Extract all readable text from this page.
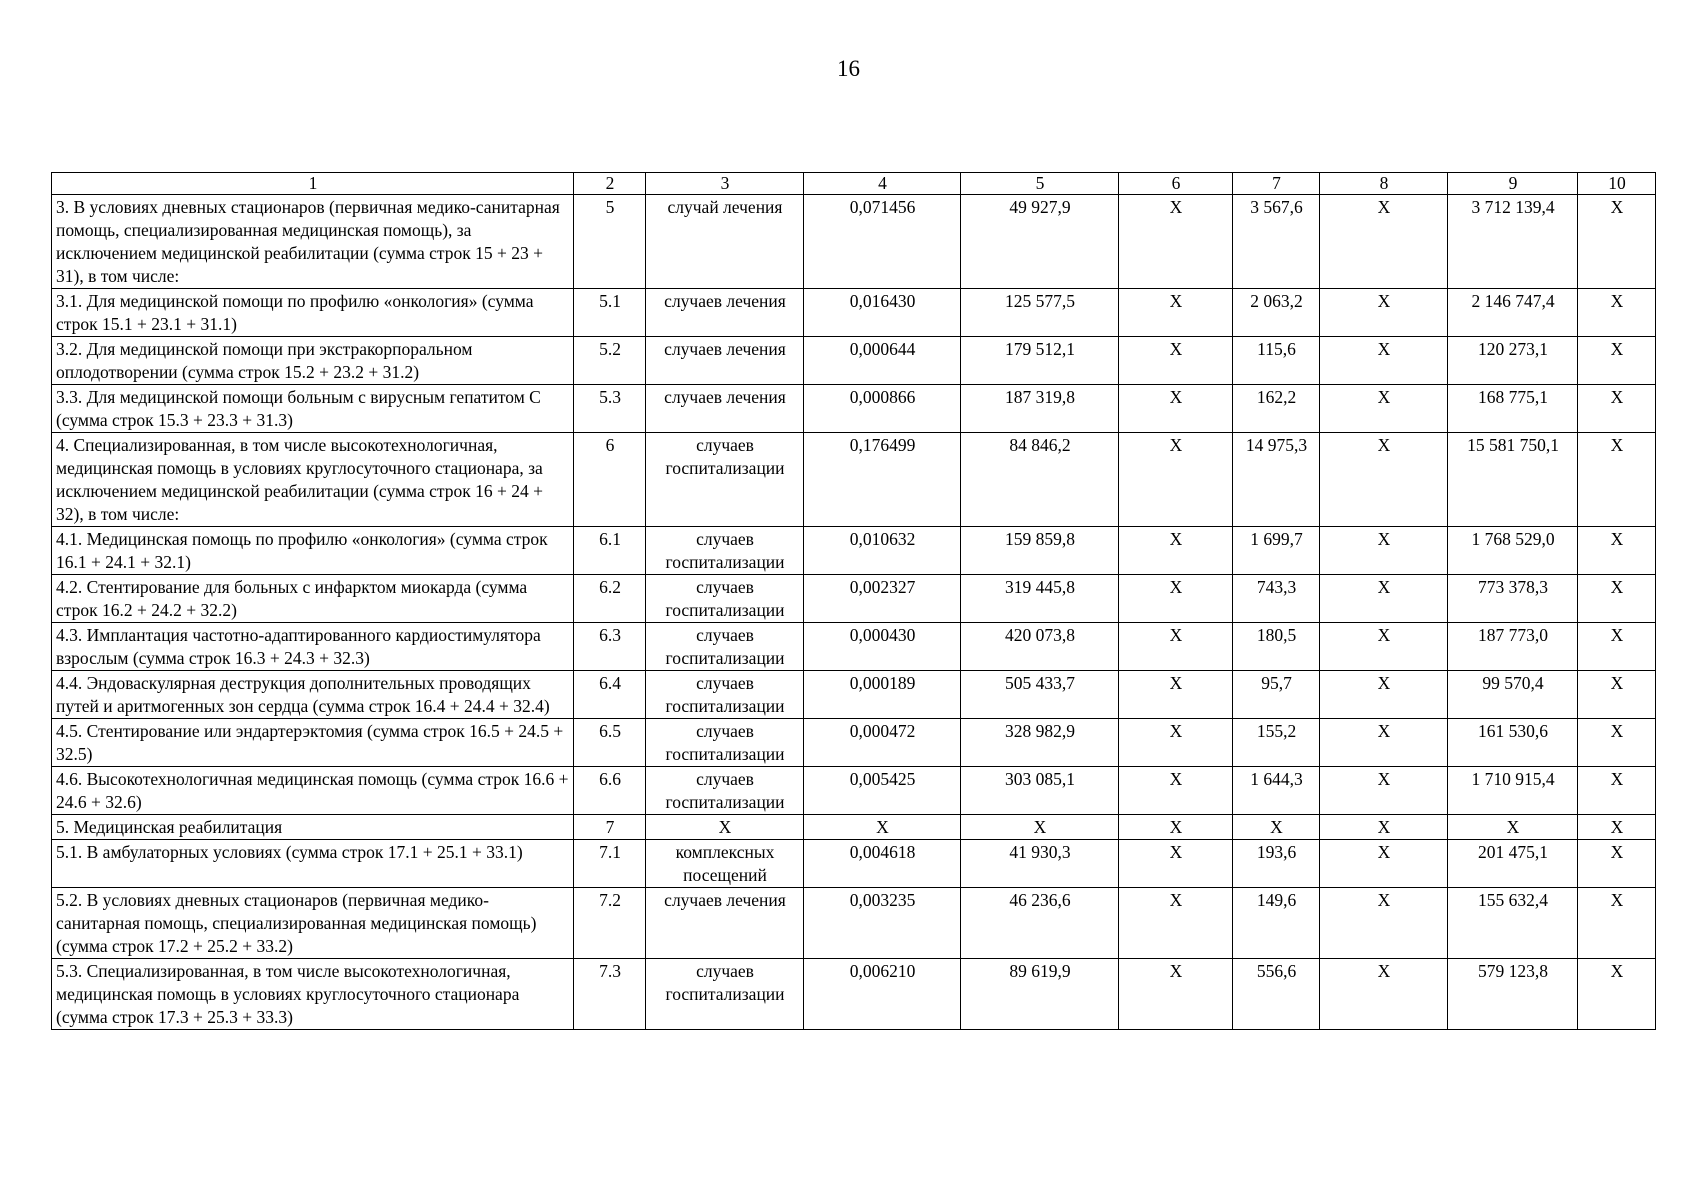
16
1	2	3	4	5	6	7	8	9	10
3. В условиях дневных стационаров (первичная медико-санитарная помощь, специализированная медицинская помощь), за исключением медицинской реабилитации (сумма строк 15 + 23 + 31), в том числе:	5	случай лечения	0,071456	49 927,9	Х	3 567,6	Х	3 712 139,4	Х
3.1. Для медицинской помощи по профилю «онкология» (сумма строк 15.1 + 23.1 + 31.1)	5.1	случаев лечения	0,016430	125 577,5	Х	2 063,2	Х	2 146 747,4	Х
3.2. Для медицинской помощи при экстракорпоральном оплодотворении (сумма строк 15.2 + 23.2 + 31.2)	5.2	случаев лечения	0,000644	179 512,1	Х	115,6	Х	120 273,1	Х
3.3. Для медицинской помощи больным с вирусным гепатитом С (сумма строк 15.3 + 23.3 + 31.3)	5.3	случаев лечения	0,000866	187 319,8	Х	162,2	Х	168 775,1	Х
4. Специализированная, в том числе высокотехнологичная, медицинская помощь в условиях круглосуточного стационара, за исключением медицинской реабилитации (сумма строк 16 + 24 + 32), в том числе:	6	случаев госпитализации	0,176499	84 846,2	Х	14 975,3	Х	15 581 750,1	Х
4.1. Медицинская помощь по профилю «онкология» (сумма строк 16.1 + 24.1 + 32.1)	6.1	случаев госпитализации	0,010632	159 859,8	Х	1 699,7	Х	1 768 529,0	Х
4.2. Стентирование для больных с инфарктом миокарда (сумма строк 16.2 + 24.2 + 32.2)	6.2	случаев госпитализации	0,002327	319 445,8	Х	743,3	Х	773 378,3	Х
4.3. Имплантация частотно-адаптированного кардиостимулятора взрослым (сумма строк 16.3 + 24.3 + 32.3)	6.3	случаев госпитализации	0,000430	420 073,8	Х	180,5	Х	187 773,0	Х
4.4. Эндоваскулярная деструкция дополнительных проводящих путей и аритмогенных зон сердца (сумма строк 16.4 + 24.4 + 32.4)	6.4	случаев госпитализации	0,000189	505 433,7	Х	95,7	Х	99 570,4	Х
4.5. Стентирование или эндартерэктомия (сумма строк 16.5 + 24.5 + 32.5)	6.5	случаев госпитализации	0,000472	328 982,9	Х	155,2	Х	161 530,6	Х
4.6. Высокотехнологичная медицинская помощь (сумма строк 16.6 + 24.6 + 32.6)	6.6	случаев госпитализации	0,005425	303 085,1	Х	1 644,3	Х	1 710 915,4	Х
5. Медицинская реабилитация	7	Х	Х	Х	Х	Х	Х	Х	Х
5.1. В амбулаторных условиях (сумма строк 17.1 + 25.1 + 33.1)	7.1	комплексных посещений	0,004618	41 930,3	Х	193,6	Х	201 475,1	Х
5.2. В условиях дневных стационаров (первичная медико-санитарная помощь, специализированная медицинская помощь) (сумма строк 17.2 + 25.2 + 33.2)	7.2	случаев лечения	0,003235	46 236,6	Х	149,6	Х	155 632,4	Х
5.3. Специализированная, в том числе высокотехнологичная, медицинская помощь в условиях круглосуточного стационара (сумма строк 17.3 + 25.3 + 33.3)	7.3	случаев госпитализации	0,006210	89 619,9	Х	556,6	Х	579 123,8	Х
